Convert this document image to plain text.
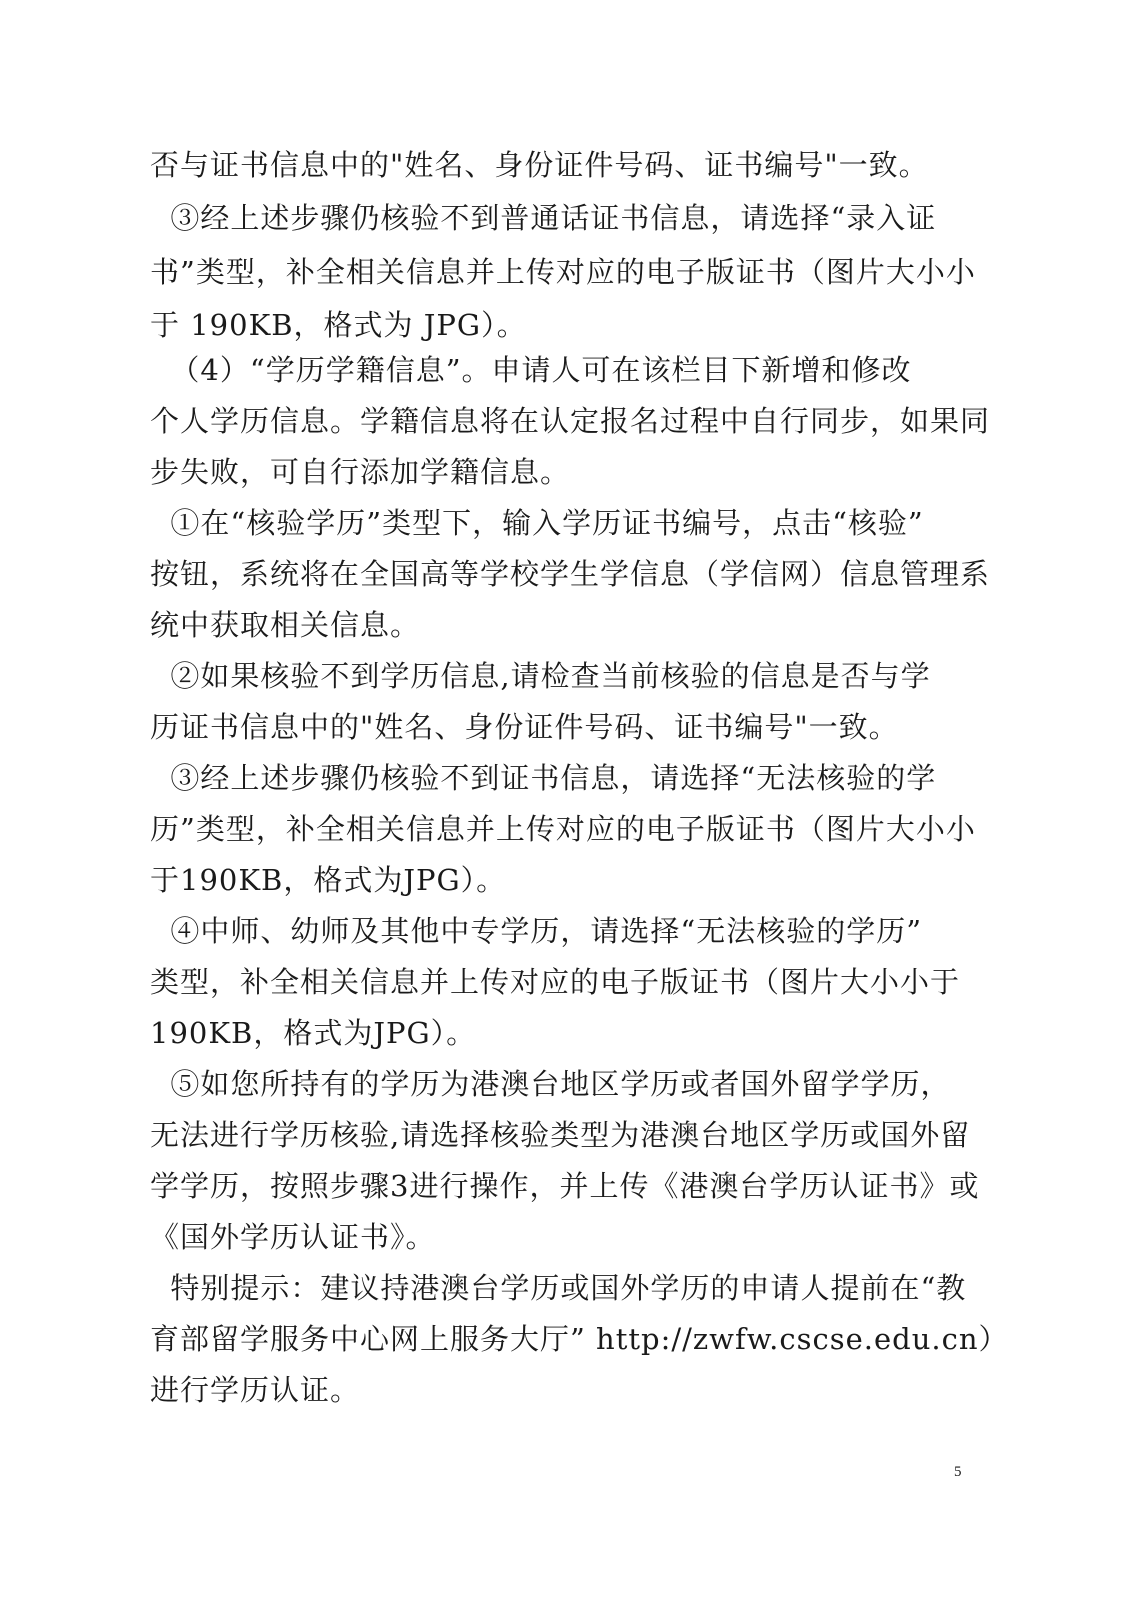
否与证书信息中的"姓名、身份证件号码、证书编号"一致。
③经上述步骤仍核验不到普通话证书信息，请选择“录入证
书”类型，补全相关信息并上传对应的电子版证书（图片大小小
于 190KB，格式为 JPG）。
（4）“学历学籍信息”。申请人可在该栏目下新增和修改
个人学历信息。学籍信息将在认定报名过程中自行同步，如果同
步失败，可自行添加学籍信息。
①在“核验学历”类型下，输入学历证书编号，点击“核验”
按钮，系统将在全国高等学校学生学信息（学信网）信息管理系
统中获取相关信息。
②如果核验不到学历信息,请检查当前核验的信息是否与学
历证书信息中的"姓名、身份证件号码、证书编号"一致。
③经上述步骤仍核验不到证书信息，请选择“无法核验的学
历”类型，补全相关信息并上传对应的电子版证书（图片大小小
于190KB，格式为JPG）。
④中师、幼师及其他中专学历，请选择“无法核验的学历”
类型，补全相关信息并上传对应的电子版证书（图片大小小于
190KB，格式为JPG）。
⑤如您所持有的学历为港澳台地区学历或者国外留学学历，
无法进行学历核验,请选择核验类型为港澳台地区学历或国外留
学学历，按照步骤3进行操作，并上传《港澳台学历认证书》或
《国外学历认证书》。
特别提示：建议持港澳台学历或国外学历的申请人提前在“教
育部留学服务中心网上服务大厅” http://zwfw.cscse.edu.cn）
进行学历认证。
5
